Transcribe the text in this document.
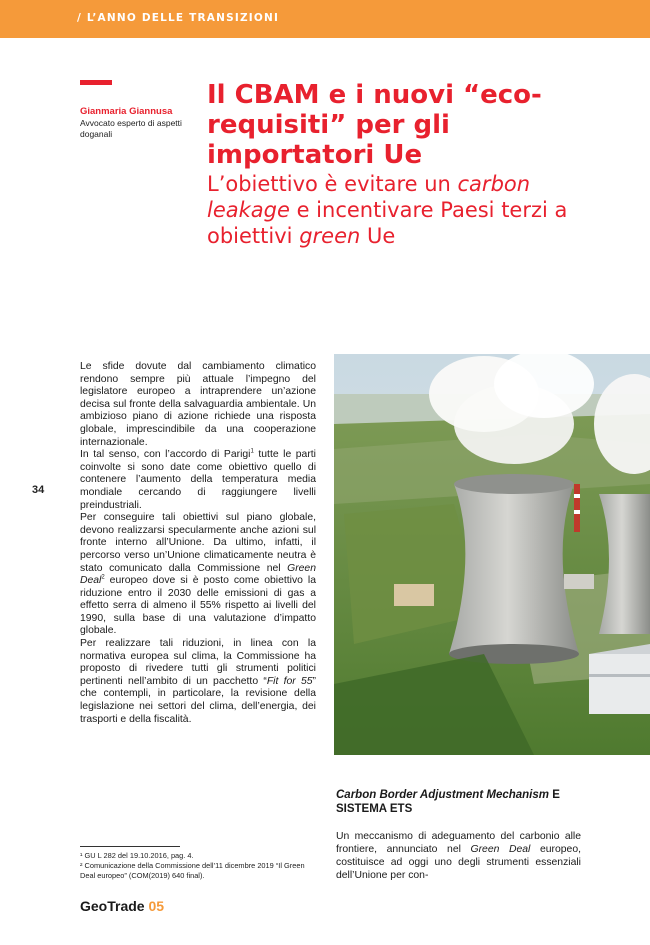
/ L’ANNO DELLE TRANSIZIONI
Gianmaria Giannusa
Avvocato esperto di aspetti doganali
Il CBAM e i nuovi “eco-requisiti” per gli importatori Ue
L’obiettivo è evitare un carbon leakage e incentivare Paesi terzi a obiettivi green Ue
34

Le sfide dovute dal cambiamento climatico rendono sempre più attuale l’impegno del legislatore europeo a intraprendere un’azione decisa sul fronte della salvaguardia ambientale. Un ambizioso piano di azione richiede una risposta globale, imprescindibile da una cooperazione internazionale.

In tal senso, con l’accordo di Parigi$^1$ tutte le parti coinvolte si sono date come obiettivo quello di contenere l’aumento della temperatura media mondiale cercando di raggiungere livelli preindustriali.

Per conseguire tali obiettivi sul piano globale, devono realizzarsi specularmente anche azioni sul fronte interno all’Unione. Da ultimo, infatti, il percorso verso un’Unione climaticamente neutra è stato comunicato dalla Commissione nel Green Deal$^2$ europeo dove si è posto come obiettivo la riduzione entro il 2030 delle emissioni di gas a effetto serra di almeno il 55% rispetto ai livelli del 1990, sulla base di una valutazione d’impatto globale.

Per realizzare tali riduzioni, in linea con la normativa europea sul clima, la Commissione ha proposto di rivedere tutti gli strumenti politici pertinenti nell’ambito di un pacchetto “Fit for 55” che contempli, in particolare, la revisione della legislazione nei settori del clima, dell’energia, dei trasporti e della fiscalità.

Carbon Border Adjustment Mechanism E SISTEMA ETS
Un meccanismo di adeguamento del carbonio alle frontiere, annunciato nel Green Deal europeo, costituisce ad oggi uno degli strumenti essenziali dell’Unione per con-

¹ GU L 282 del 19.10.2016, pag. 4.

² Comunicazione della Commissione dell’11 dicembre 2019 “Il Green Deal europeo” (COM(2019) 640 final).

GeoTrade 05
